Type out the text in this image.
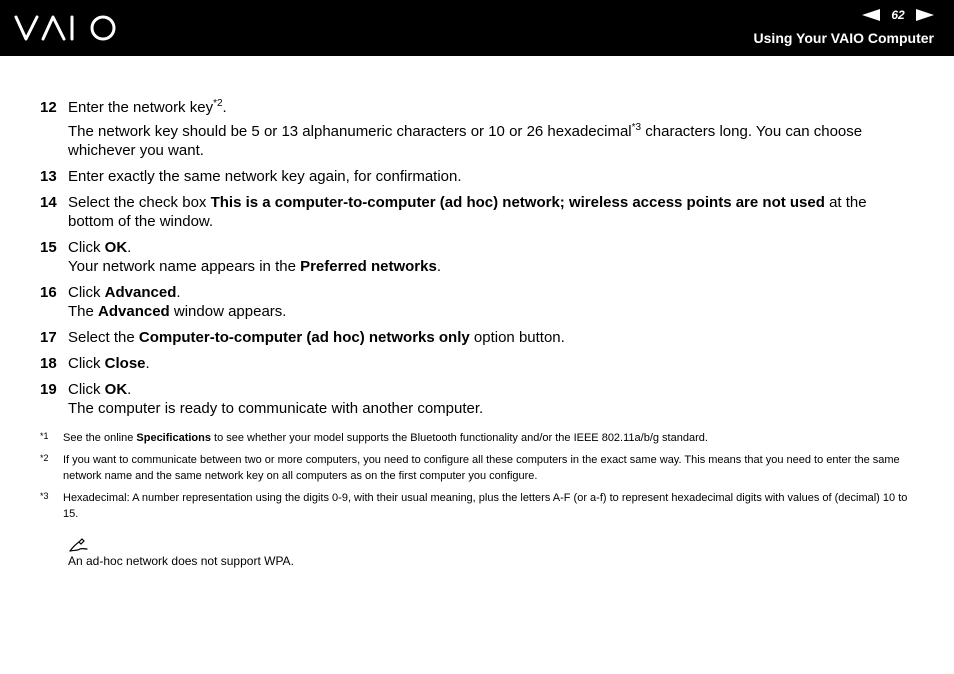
62
Using Your VAIO Computer
12 Enter the network key$^{*2}$.

The network key should be 5 or 13 alphanumeric characters or 10 or 26 hexadecimal$^{*3}$ characters long. You can choose whichever you want.

13 Enter exactly the same network key again, for confirmation.

14 Select the check box This is a computer-to-computer (ad hoc) network; wireless access points are not used at the bottom of the window.

15 Click OK.

Your network name appears in the Preferred networks.

16 Click Advanced.

The Advanced window appears.

17 Select the Computer-to-computer (ad hoc) networks only option button.

18 Click Close.

19 Click OK.

The computer is ready to communicate with another computer.

*1	See the online Specifications to see whether your model supports the Bluetooth functionality and/or the IEEE 802.11a/b/g standard.
*2	If you want to communicate between two or more computers, you need to configure all these computers in the exact same way. This means that you need to enter the same network name and the same network key on all computers as on the first computer you configure.
*3	Hexadecimal: A number representation using the digits 0-9, with their usual meaning, plus the letters A-F (or a-f) to represent hexadecimal digits with values of (decimal) 10 to 15.
An ad-hoc network does not support WPA.
